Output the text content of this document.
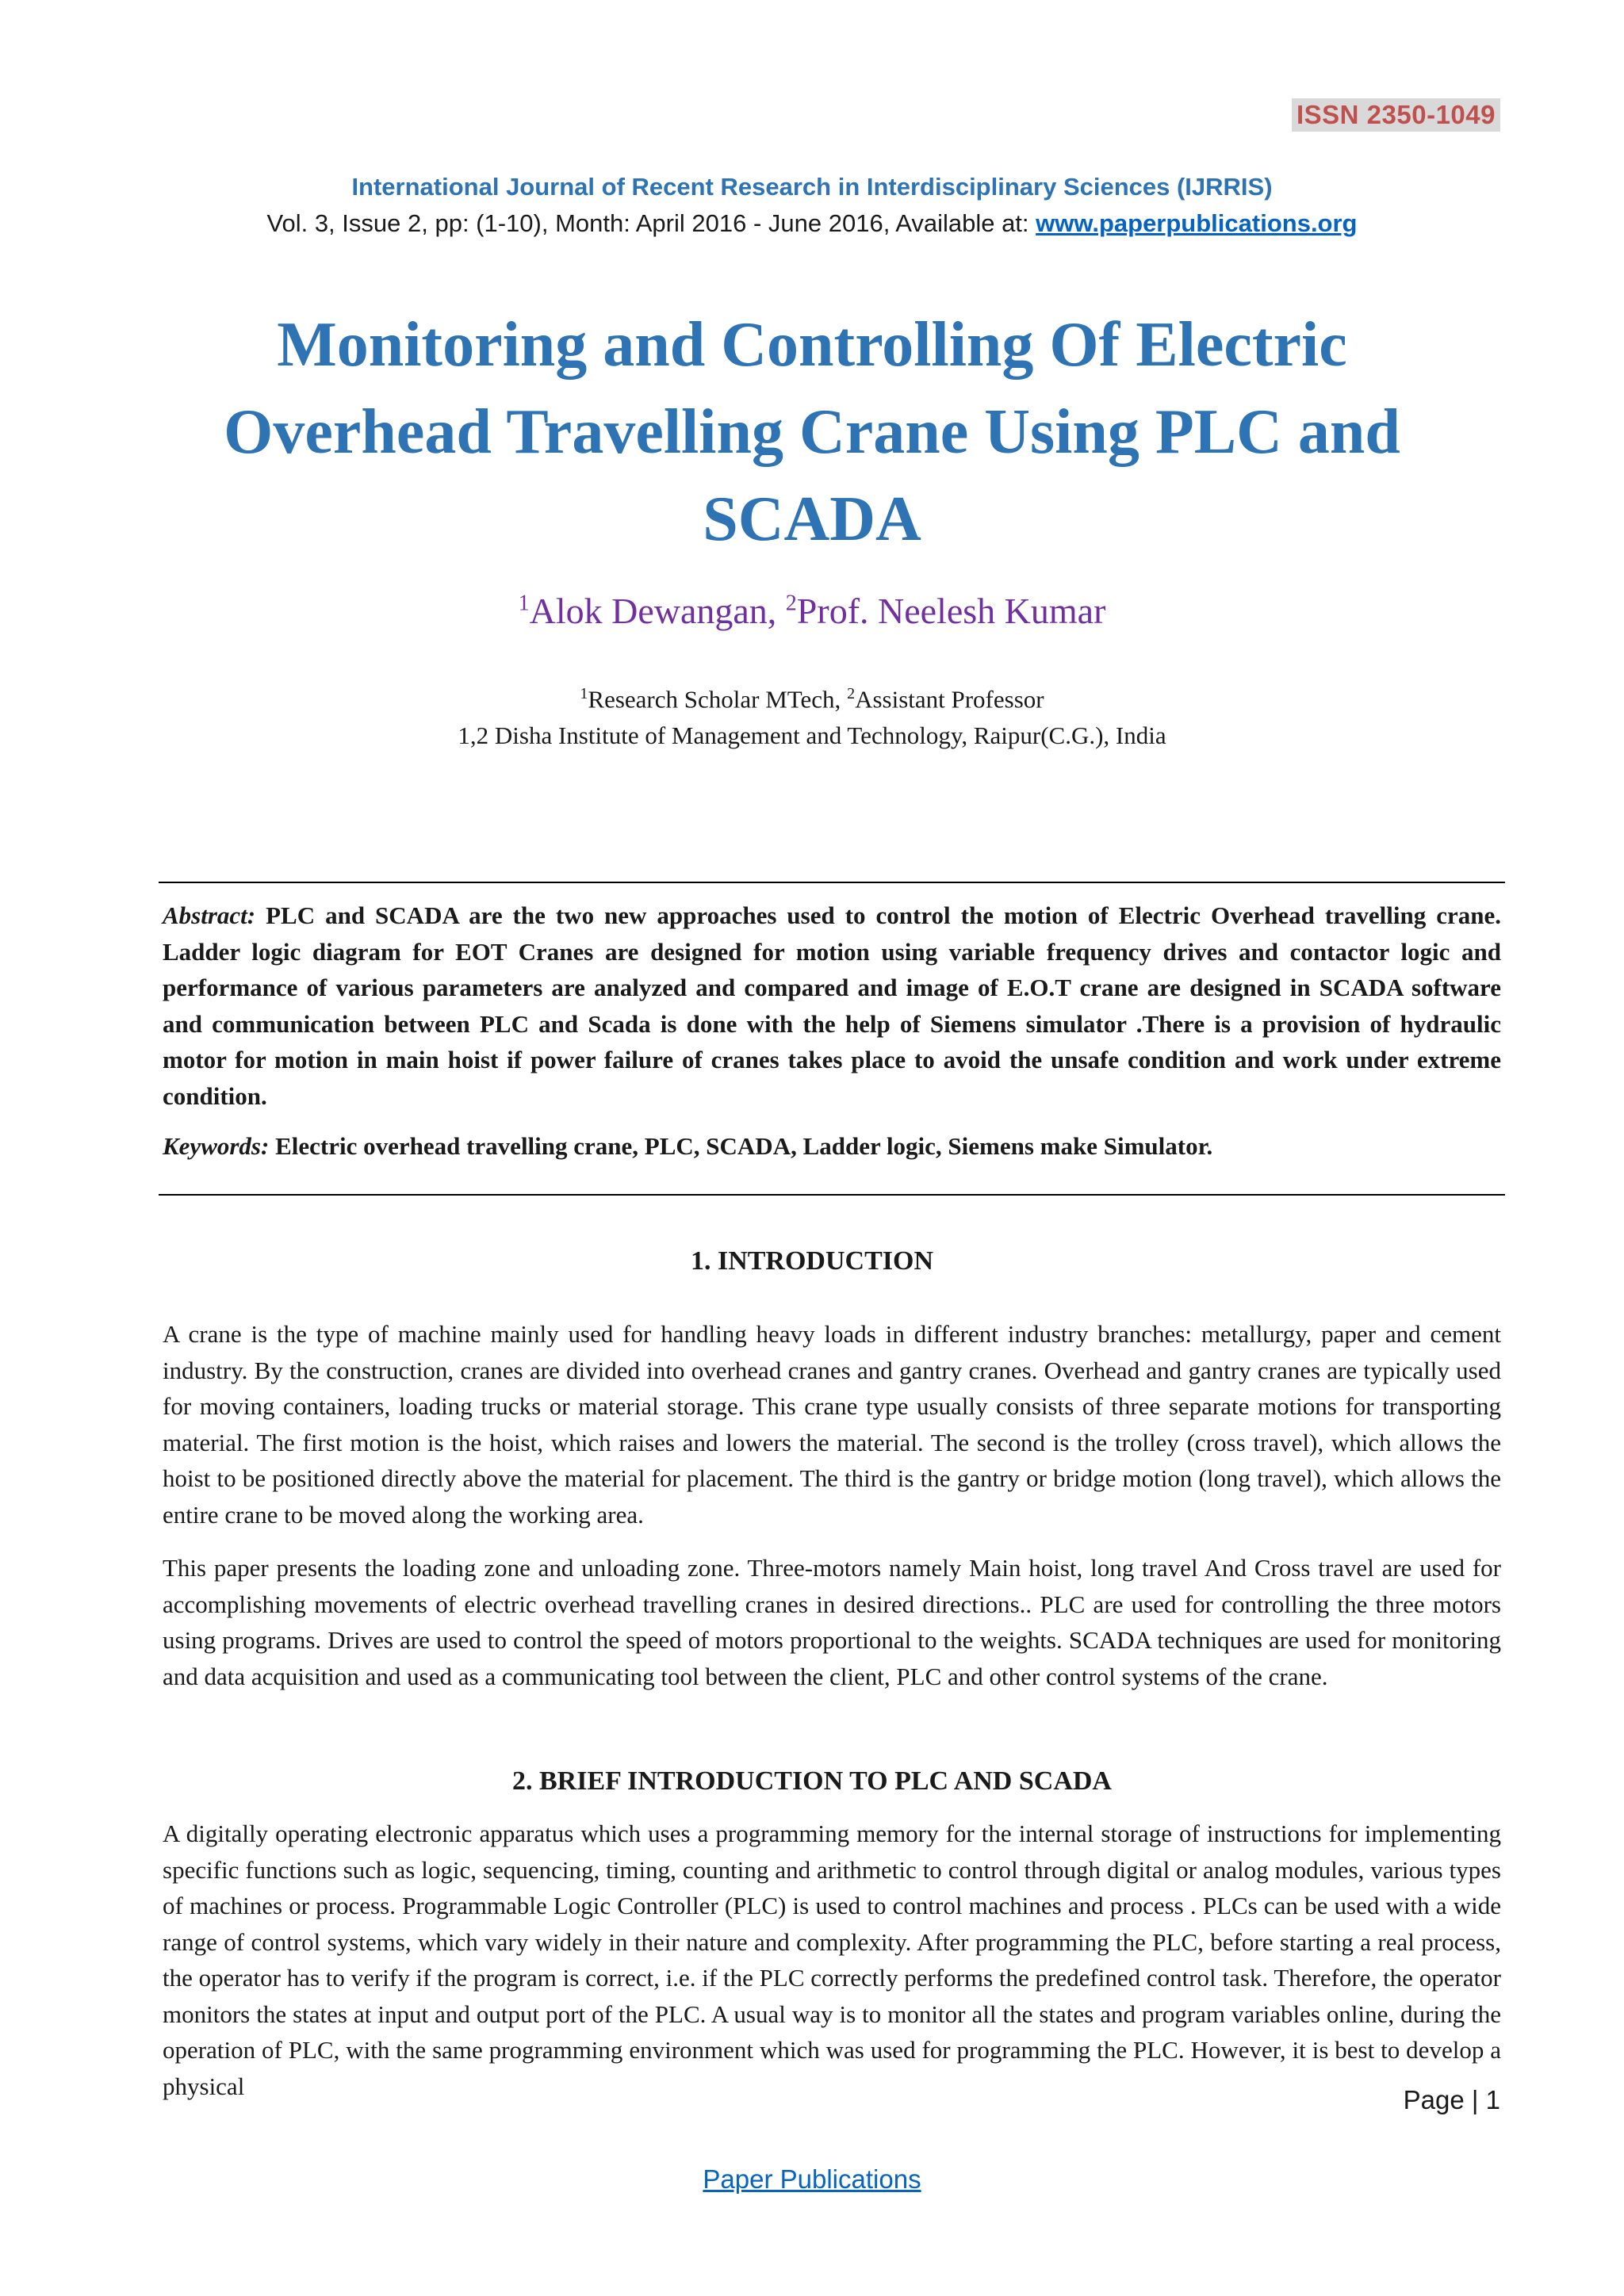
ISSN 2350-1049
International Journal of Recent Research in Interdisciplinary Sciences (IJRRIS)
Vol. 3, Issue 2, pp: (1-10), Month: April 2016 - June 2016, Available at: www.paperpublications.org
Monitoring and Controlling Of Electric Overhead Travelling Crane Using PLC and SCADA
$^1$Alok Dewangan, $^2$Prof. Neelesh Kumar
$^1$Research Scholar MTech, $^2$Assistant Professor
1,2 Disha Institute of Management and Technology, Raipur(C.G.), India

Abstract: PLC and SCADA are the two new approaches used to control the motion of Electric Overhead travelling crane. Ladder logic diagram for EOT Cranes are designed for motion using variable frequency drives and contactor logic and performance of various parameters are analyzed and compared and image of E.O.T crane are designed in SCADA software and communication between PLC and Scada is done with the help of Siemens simulator .There is a provision of hydraulic motor for motion in main hoist if power failure of cranes takes place to avoid the unsafe condition and work under extreme condition.

Keywords: Electric overhead travelling crane, PLC, SCADA, Ladder logic, Siemens make Simulator.

1. INTRODUCTION

A crane is the type of machine mainly used for handling heavy loads in different industry branches: metallurgy, paper and cement industry. By the construction, cranes are divided into overhead cranes and gantry cranes. Overhead and gantry cranes are typically used for moving containers, loading trucks or material storage. This crane type usually consists of three separate motions for transporting material. The first motion is the hoist, which raises and lowers the material. The second is the trolley (cross travel), which allows the hoist to be positioned directly above the material for placement. The third is the gantry or bridge motion (long travel), which allows the entire crane to be moved along the working area.

This paper presents the loading zone and unloading zone. Three-motors namely Main hoist, long travel And Cross travel are used for accomplishing movements of electric overhead travelling cranes in desired directions.. PLC are used for controlling the three motors using programs. Drives are used to control the speed of motors proportional to the weights. SCADA techniques are used for monitoring and data acquisition and used as a communicating tool between the client, PLC and other control systems of the crane.

2. BRIEF INTRODUCTION TO PLC AND SCADA

A digitally operating electronic apparatus which uses a programming memory for the internal storage of instructions for implementing specific functions such as logic, sequencing, timing, counting and arithmetic to control through digital or analog modules, various types of machines or process. Programmable Logic Controller (PLC) is used to control machines and process . PLCs can be used with a wide range of control systems, which vary widely in their nature and complexity. After programming the PLC, before starting a real process, the operator has to verify if the program is correct, i.e. if the PLC correctly performs the predefined control task. Therefore, the operator monitors the states at input and output port of the PLC. A usual way is to monitor all the states and program variables online, during the operation of PLC, with the same programming environment which was used for programming the PLC. However, it is best to develop a physical	Page | 1
Paper Publications
